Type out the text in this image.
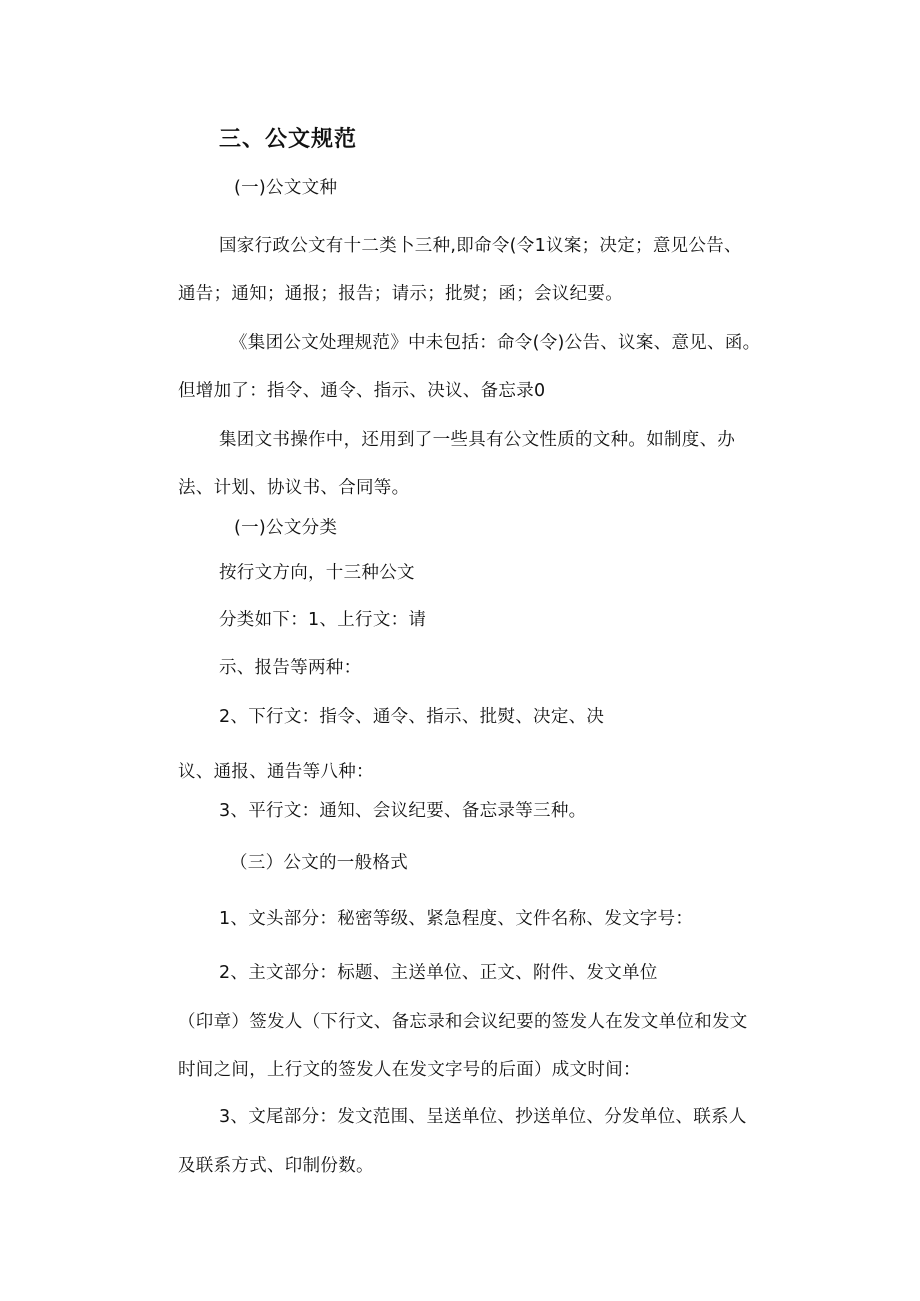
三、公文规范
(一)公文文种
国家行政公文有十二类卜三种,即命令(令1议案；决定；意见公告、
通告；通知；通报；报告；请示；批熨；函；会议纪要。
《集团公文处理规范》中未包括：命令(令)公告、议案、意见、函。
但增加了：指令、通令、指示、决议、备忘录0
集团文书操作中，还用到了一些具有公文性质的文种。如制度、办
法、计划、协议书、合同等。
(一)公文分类
按行文方向，十三种公文
分类如下：1、上行文：请
示、报告等两种：
2、下行文：指令、通令、指示、批熨、决定、决
议、通报、通告等八种：
3、平行文：通知、会议纪要、备忘录等三种。
（三）公文的一般格式
1、文头部分：秘密等级、紧急程度、文件名称、发文字号：
2、主文部分：标题、主送单位、正文、附件、发文单位
（印章）签发人（下行文、备忘录和会议纪要的签发人在发文单位和发文
时间之间，上行文的签发人在发文字号的后面）成文时间：
3、文尾部分：发文范围、呈送单位、抄送单位、分发单位、联系人
及联系方式、印制份数。
